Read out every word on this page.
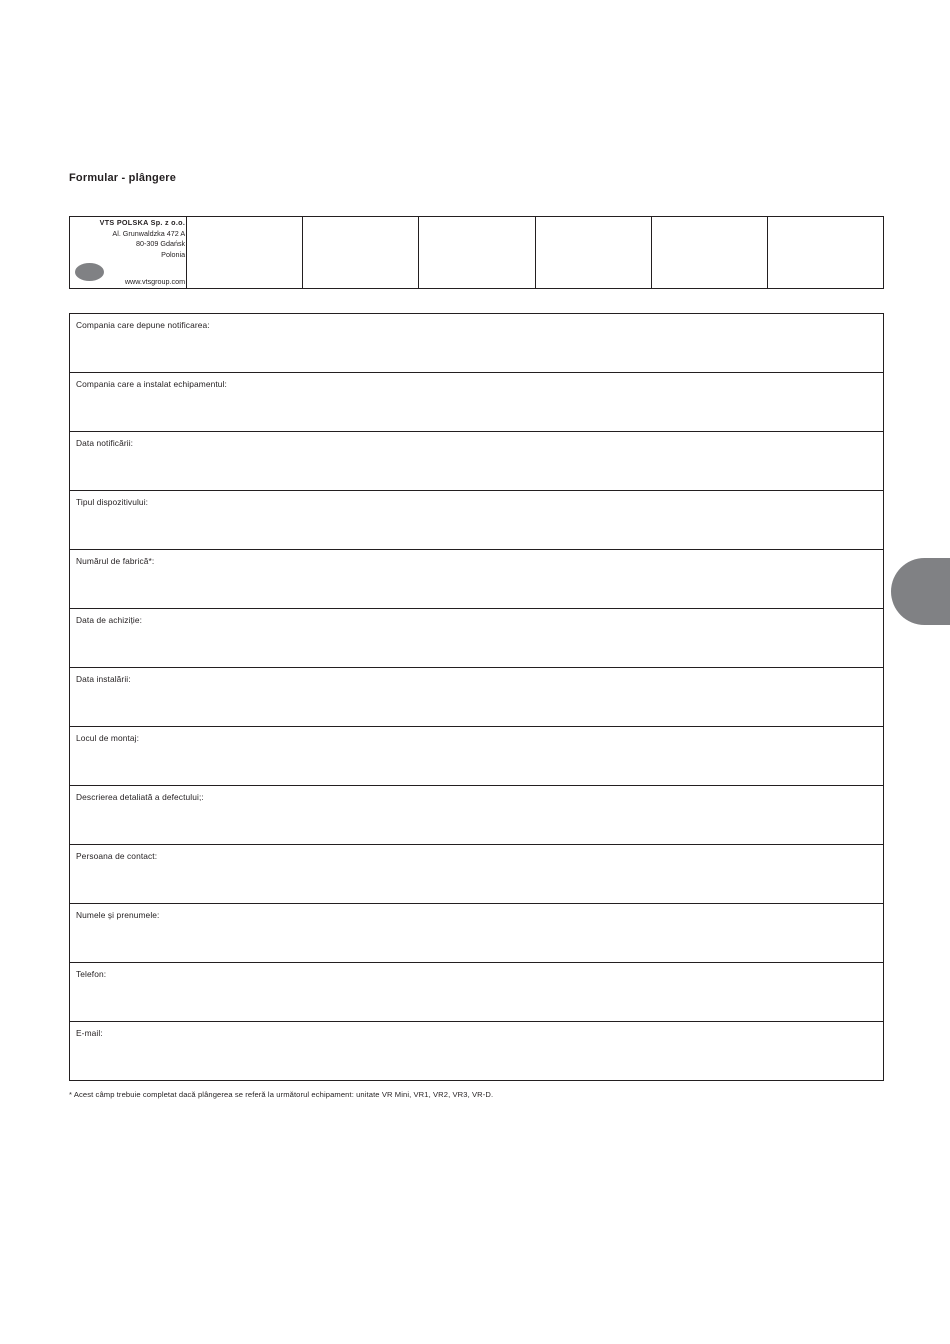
Formular - plângere
VTS POLSKA Sp. z o.o.
Al. Grunwaldzka 472 A
80-309 Gdańsk
Polonia
www.vtsgroup.com
Compania care depune notificarea:
Compania care a instalat echipamentul:
Data notificării:
Tipul dispozitivului:
Numărul de fabrică*:
Data de achiziție:
Data instalării:
Locul de montaj:
Descrierea detaliată a defectului;:
Persoana de contact:
Numele și prenumele:
Telefon:
E-mail:
* Acest câmp trebuie completat dacă plângerea se referă la următorul echipament: unitate VR Mini, VR1, VR2, VR3, VR-D.
